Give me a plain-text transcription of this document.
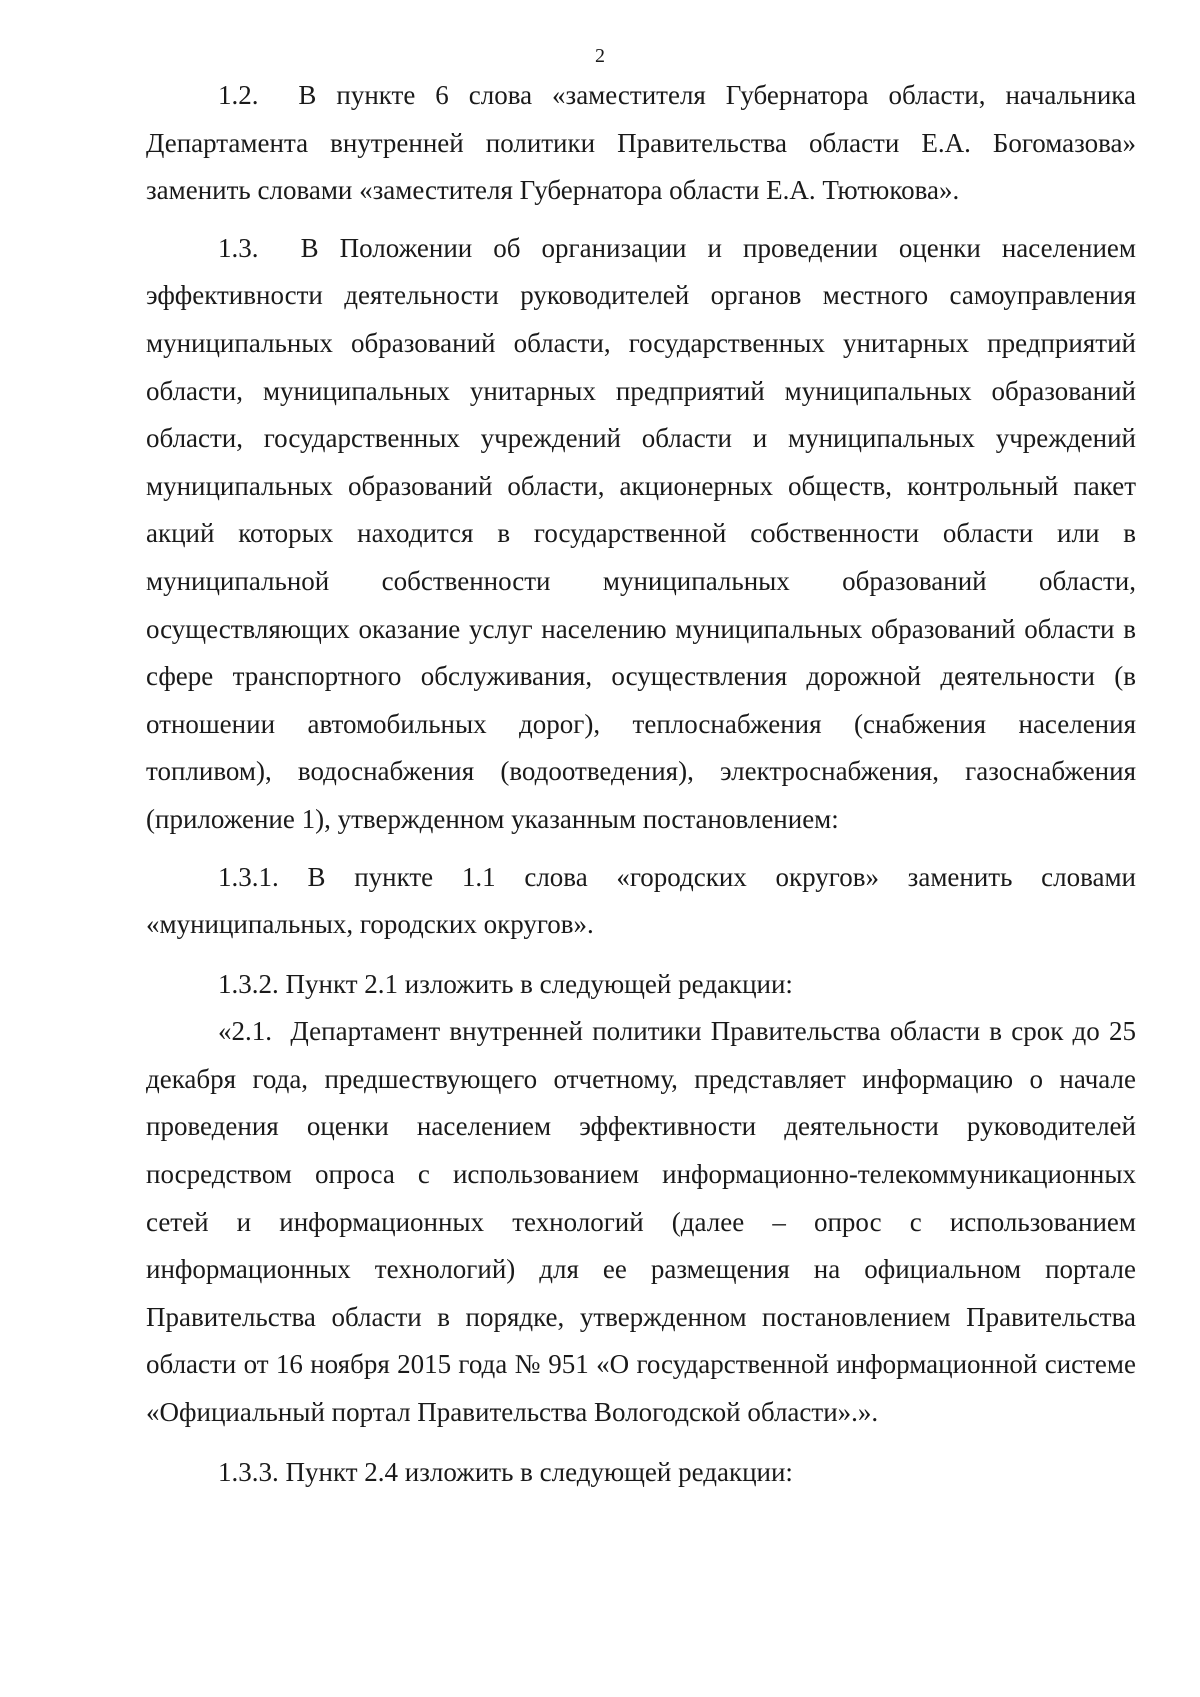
2

1.2.  В пункте 6 слова «заместителя Губернатора области, начальника Департамента внутренней политики Правительства области Е.А. Богомазова» заменить словами «заместителя Губернатора области Е.А. Тютюкова».

1.3.  В Положении об организации и проведении оценки населением эффективности деятельности руководителей органов местного самоуправления муниципальных образований области, государственных унитарных предприятий области, муниципальных унитарных предприятий муниципальных образований области, государственных учреждений области и муниципальных учреждений муниципальных образований области, акционерных обществ, контрольный пакет акций которых находится в государственной собственности области или в муниципальной собственности муниципальных образований области, осуществляющих оказание услуг населению муниципальных образований области в сфере транспортного обслуживания, осуществления дорожной деятельности (в отношении автомобильных дорог), теплоснабжения (снабжения населения топливом), водоснабжения (водоотведения), электроснабжения, газоснабжения (приложение 1), утвержденном указанным постановлением:

1.3.1. В пункте 1.1 слова «городских округов» заменить словами «муниципальных, городских округов».

1.3.2. Пункт 2.1 изложить в следующей редакции:

«2.1.  Департамент внутренней политики Правительства области в срок до 25 декабря года, предшествующего отчетному, представляет информацию о начале проведения оценки населением эффективности деятельности руководителей посредством опроса с использованием информационно-телекоммуникационных сетей и информационных технологий (далее – опрос с использованием информационных технологий) для ее размещения на официальном портале Правительства области в порядке, утвержденном постановлением Правительства области от 16 ноября 2015 года № 951 «О государственной информационной системе «Официальный портал Правительства Вологодской области».».

1.3.3. Пункт 2.4 изложить в следующей редакции:
